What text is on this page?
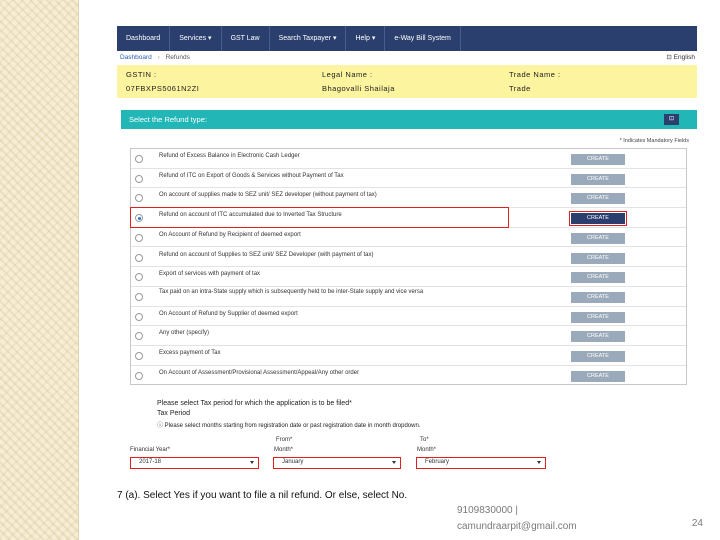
Dashboard	Services ▾	GST Law	Search Taxpayer ▾	Help ▾	e-Way Bill System
Dashboard › Refunds	⊡ English
GSTIN :
07FBXPS5061N2ZI
Legal Name :
Bhagovalli Shailaja
Trade Name :
Trade
Select the Refund type:	⊡
* Indicates Mandatory Fields
Refund of Excess Balance in Electronic Cash Ledger	CREATE
Refund of ITC on Export of Goods & Services without Payment of Tax	CREATE
On account of supplies made to SEZ unit/ SEZ developer (without payment of tax)	CREATE
Refund on account of ITC accumulated due to Inverted Tax Structure	CREATE
On Account of Refund by Recipient of deemed export	CREATE
Refund on account of Supplies to SEZ unit/ SEZ Developer (with payment of tax)	CREATE
Export of services with payment of tax	CREATE
Tax paid on an intra-State supply which is subsequently held to be inter-State supply and vice versa
CREATE
On Account of Refund by Supplier of deemed export	CREATE
Any other (specify)	CREATE
Excess payment of Tax	CREATE
On Account of Assessment/Provisional Assessment/Appeal/Any other order	CREATE
Please select Tax period for which the application is to be filed*
Tax Period
ⓘ Please select months starting from registration date or past registration date in month dropdown.
From*	To*
Financial Year*	Month*	Month*
2017-18	January	February
7 (a). Select Yes if you want to file a nil refund. Or else, select No.
9109830000 |
camundraarpit@gmail.com	24
